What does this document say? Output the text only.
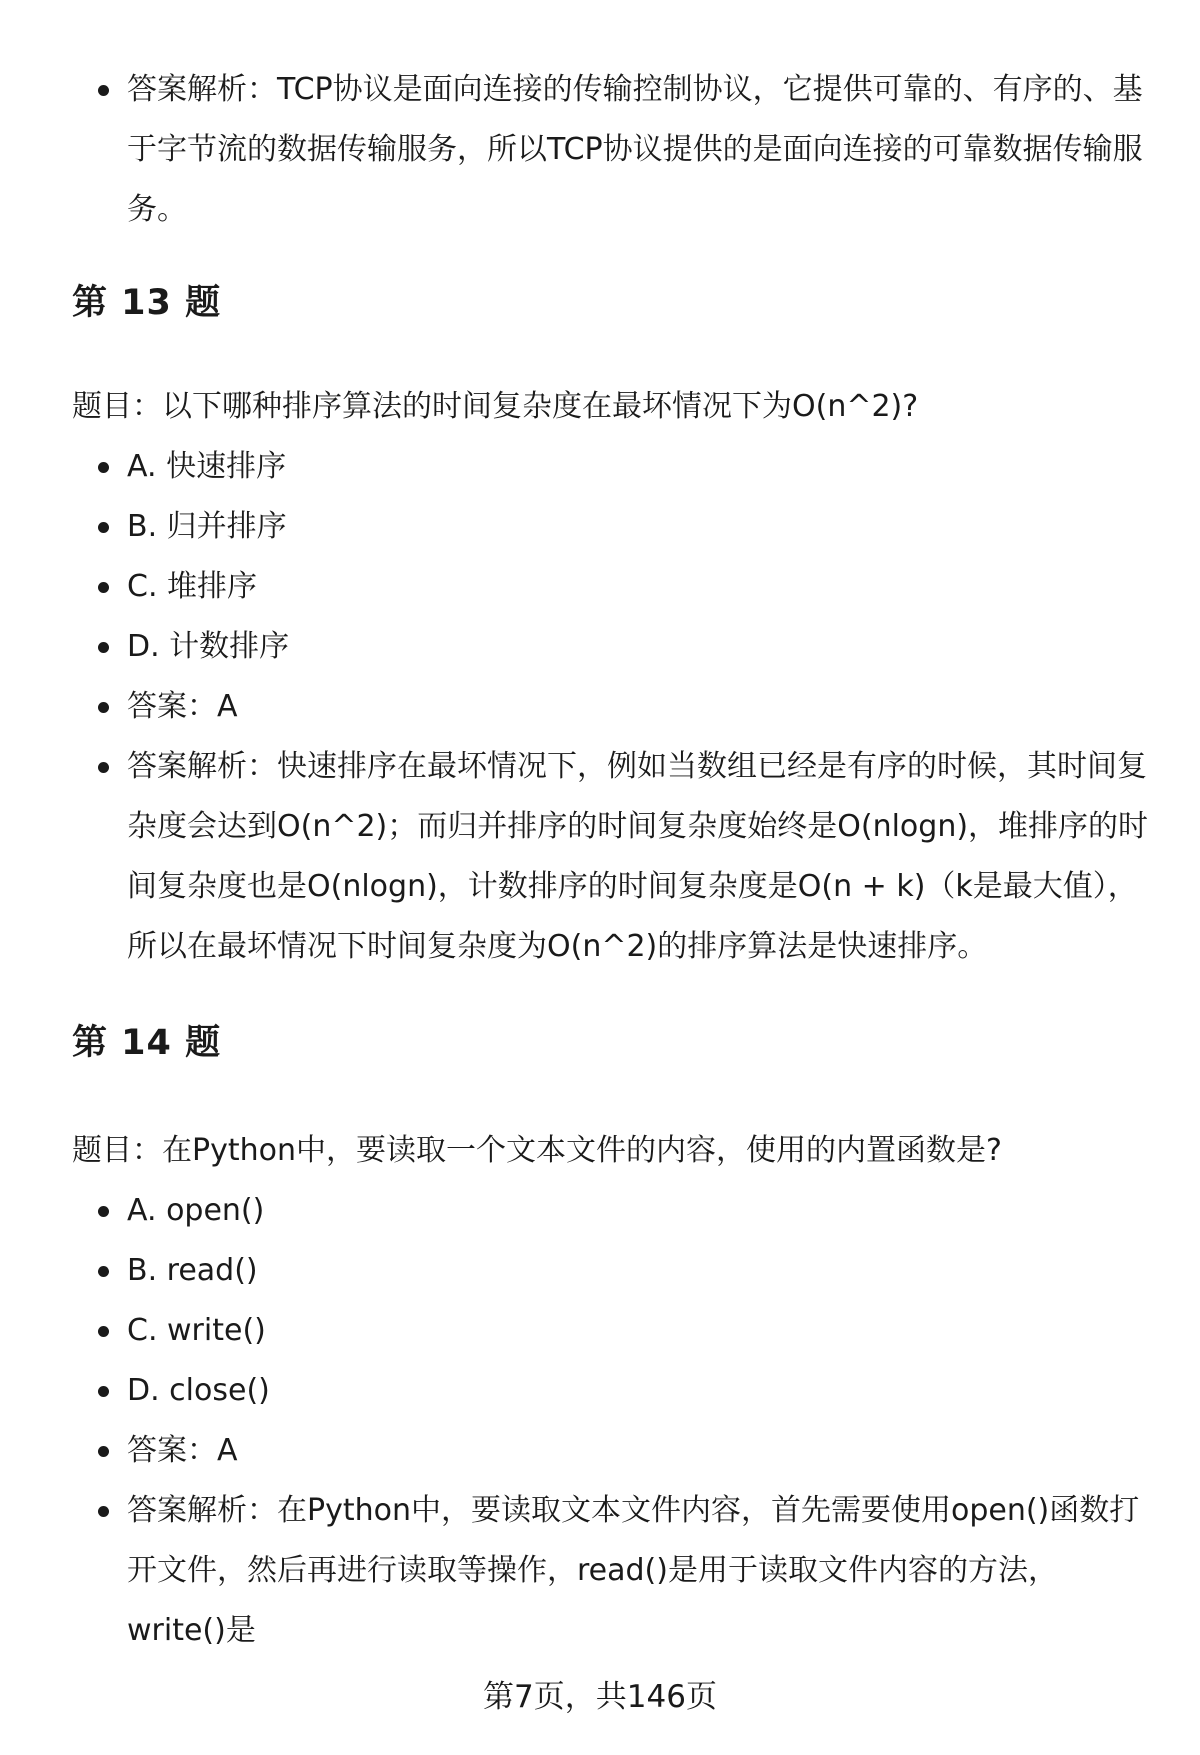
答案解析：TCP协议是面向连接的传输控制协议，它提供可靠的、有序的、基于字节流的数据传输服务，所以TCP协议提供的是面向连接的可靠数据传输服务。
第 13 题

题目：以下哪种排序算法的时间复杂度在最坏情况下为O(n^2)?

A. 快速排序
B. 归并排序
C. 堆排序
D. 计数排序
答案：A
答案解析：快速排序在最坏情况下，例如当数组已经是有序的时候，其时间复杂度会达到O(n^2)；而归并排序的时间复杂度始终是O(nlogn)，堆排序的时间复杂度也是O(nlogn)，计数排序的时间复杂度是O(n + k)（k是最大值），所以在最坏情况下时间复杂度为O(n^2)的排序算法是快速排序。
第 14 题

题目：在Python中，要读取一个文本文件的内容，使用的内置函数是?

A. open()
B. read()
C. write()
D. close()
答案：A
答案解析：在Python中，要读取文本文件内容，首先需要使用open()函数打开文件，然后再进行读取等操作，read()是用于读取文件内容的方法，write()是
第7页，共146页
